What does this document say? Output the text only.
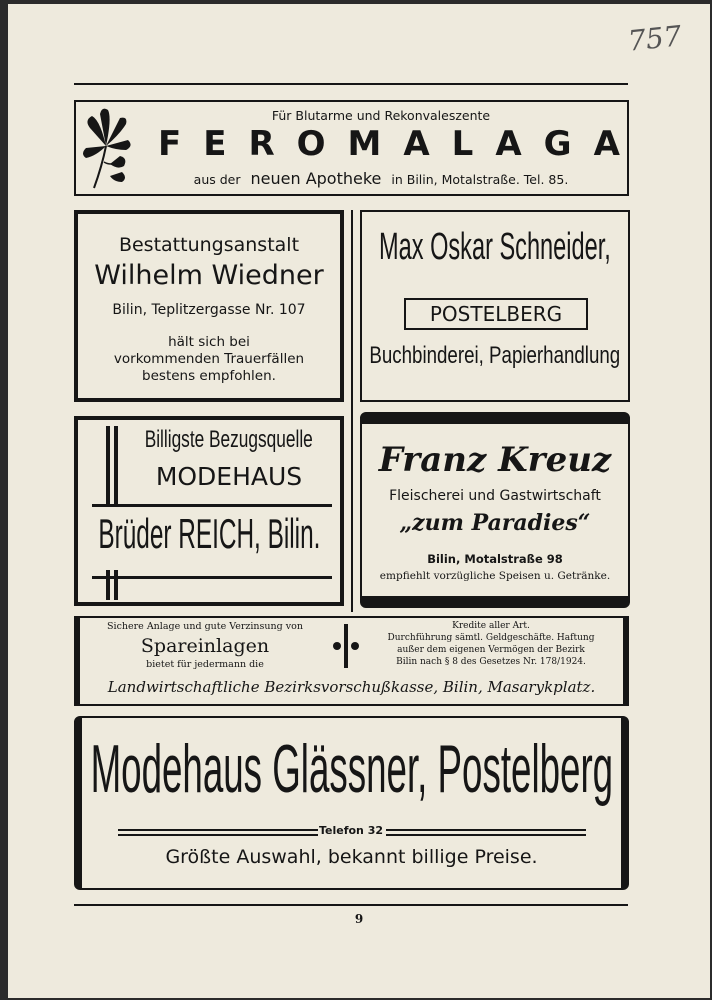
757
Für Blutarme und Rekonvaleszente
FEROMALAGA
aus der neuen Apotheke in Bilin, Motalstraße. Tel. 85.
Bestattungsanstalt
Wilhelm Wiedner
Bilin, Teplitzergasse Nr. 107
hält sich bei
vorkommenden Trauerfällen
bestens empfohlen.
Max Oskar Schneider,
POSTELBERG
Buchbinderei, Papierhandlung
Billigste Bezugsquelle
MODEHAUS
Brüder REICH, Bilin.
Franz Kreuz
Fleischerei und Gastwirtschaft
„zum Paradies“
Bilin, Motalstraße 98
empfiehlt vorzügliche Speisen u. Getränke.
Sichere Anlage und gute Verzinsung von
Spareinlagen
bietet für jedermann die
Kredite aller Art.
Durchführung sämtl. Geldgeschäfte. Haftung
außer dem eigenen Vermögen der Bezirk
Bilin nach § 8 des Gesetzes Nr. 178/1924.
Landwirtschaftliche Bezirksvorschußkasse, Bilin, Masarykplatz.
Modehaus Glässner, Postelberg
Telefon 32
Größte Auswahl, bekannt billige Preise.
9
